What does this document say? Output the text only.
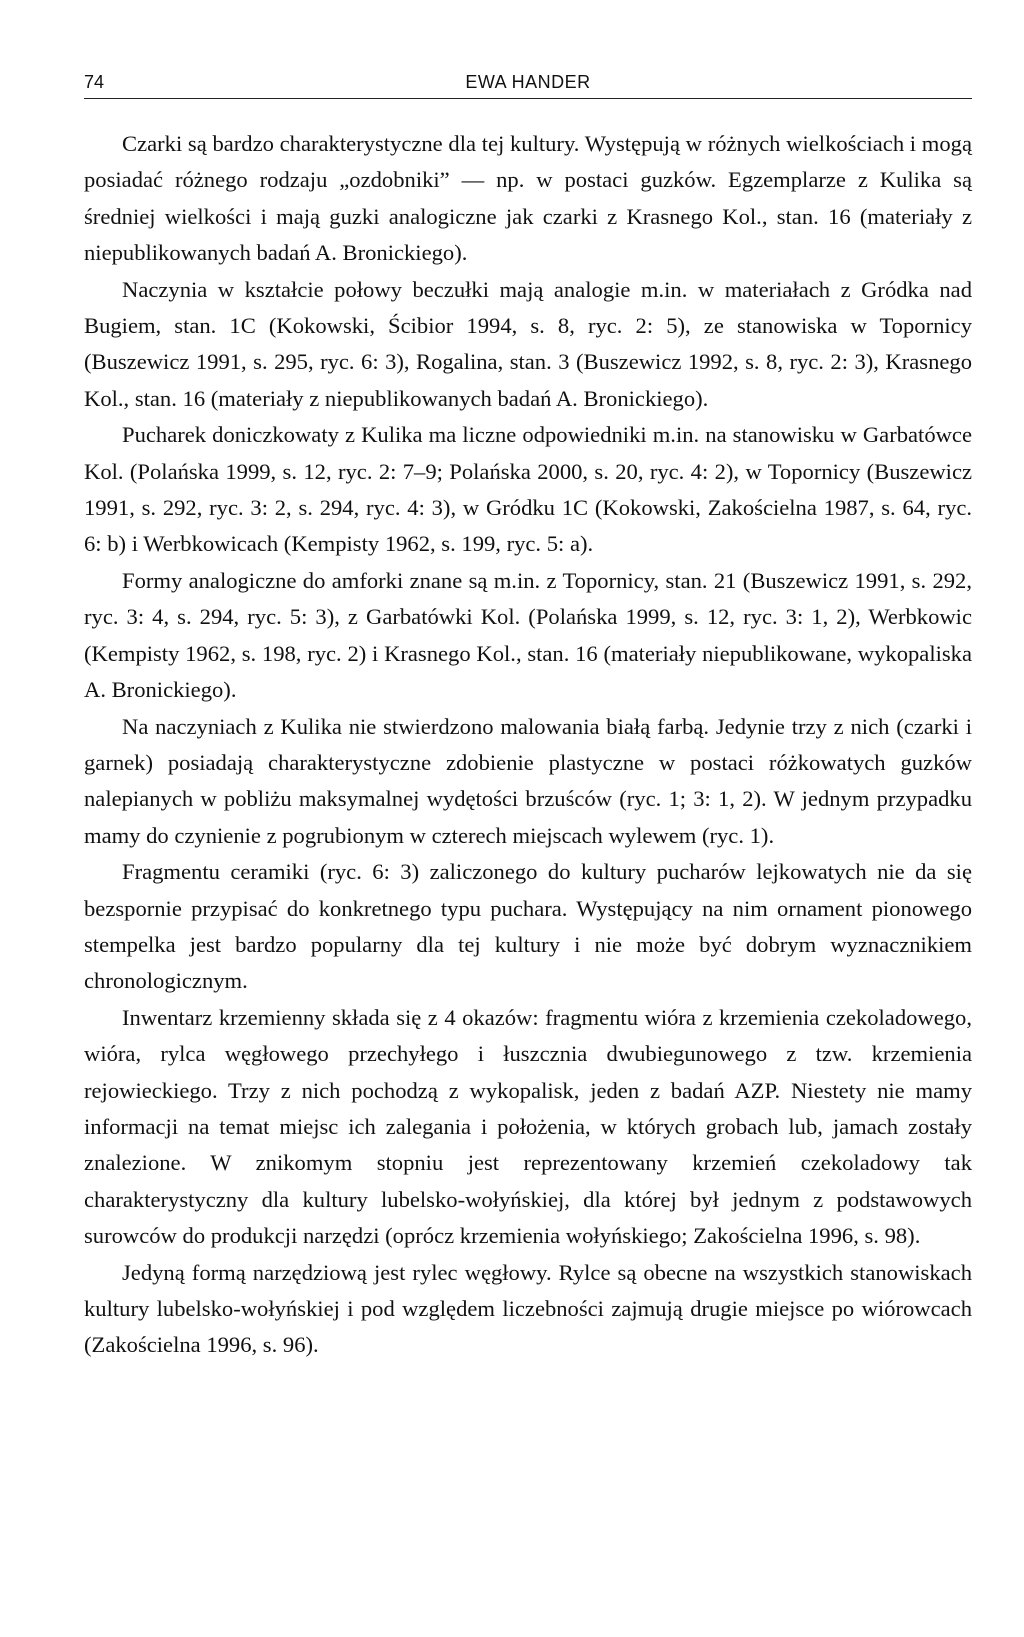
74	EWA HANDER

Czarki są bardzo charakterystyczne dla tej kultury. Występują w różnych wielkościach i mogą posiadać różnego rodzaju „ozdobniki” — np. w postaci guzków. Egzemplarze z Kulika są średniej wielkości i mają guzki analogiczne jak czarki z Krasnego Kol., stan. 16 (materiały z niepublikowanych badań A. Bronickiego).

Naczynia w kształcie połowy beczułki mają analogie m.in. w materiałach z Gródka nad Bugiem, stan. 1C (Kokowski, Ścibior 1994, s. 8, ryc. 2: 5), ze stanowiska w Topornicy (Buszewicz 1991, s. 295, ryc. 6: 3), Rogalina, stan. 3 (Buszewicz 1992, s. 8, ryc. 2: 3), Krasnego Kol., stan. 16 (materiały z niepublikowanych badań A. Bronickiego).

Pucharek doniczkowaty z Kulika ma liczne odpowiedniki m.in. na stanowisku w Garbatówce Kol. (Polańska 1999, s. 12, ryc. 2: 7–9; Polańska 2000, s. 20, ryc. 4: 2), w Topornicy (Buszewicz 1991, s. 292, ryc. 3: 2, s. 294, ryc. 4: 3), w Gródku 1C (Kokowski, Zakościelna 1987, s. 64, ryc. 6: b) i Werbkowicach (Kempisty 1962, s. 199, ryc. 5: a).

Formy analogiczne do amforki znane są m.in. z Topornicy, stan. 21 (Buszewicz 1991, s. 292, ryc. 3: 4, s. 294, ryc. 5: 3), z Garbatówki Kol. (Polańska 1999, s. 12, ryc. 3: 1, 2), Werbkowic (Kempisty 1962, s. 198, ryc. 2) i Krasnego Kol., stan. 16 (materiały niepublikowane, wykopaliska A. Bronickiego).

Na naczyniach z Kulika nie stwierdzono malowania białą farbą. Jedynie trzy z nich (czarki i garnek) posiadają charakterystyczne zdobienie plastyczne w postaci różkowatych guzków nalepianych w pobliżu maksymalnej wydętości brzuśców (ryc. 1; 3: 1, 2). W jednym przypadku mamy do czynienie z pogrubionym w czterech miejscach wylewem (ryc. 1).

Fragmentu ceramiki (ryc. 6: 3) zaliczonego do kultury pucharów lejkowatych nie da się bezspornie przypisać do konkretnego typu puchara. Występujący na nim ornament pionowego stempelka jest bardzo popularny dla tej kultury i nie może być dobrym wyznacznikiem chronologicznym.

Inwentarz krzemienny składa się z 4 okazów: fragmentu wióra z krzemienia czekoladowego, wióra, rylca węgłowego przechyłego i łuszcznia dwubiegunowego z tzw. krzemienia rejowieckiego. Trzy z nich pochodzą z wykopalisk, jeden z badań AZP. Niestety nie mamy informacji na temat miejsc ich zalegania i położenia, w których grobach lub, jamach zostały znalezione. W znikomym stopniu jest reprezentowany krzemień czekoladowy tak charakterystyczny dla kultury lubelsko-wołyńskiej, dla której był jednym z podstawowych surowców do produkcji narzędzi (oprócz krzemienia wołyńskiego; Zakościelna 1996, s. 98).

Jedyną formą narzędziową jest rylec węgłowy. Rylce są obecne na wszystkich stanowiskach kultury lubelsko-wołyńskiej i pod względem liczebności zajmują drugie miejsce po wiórowcach (Zakościelna 1996, s. 96).
